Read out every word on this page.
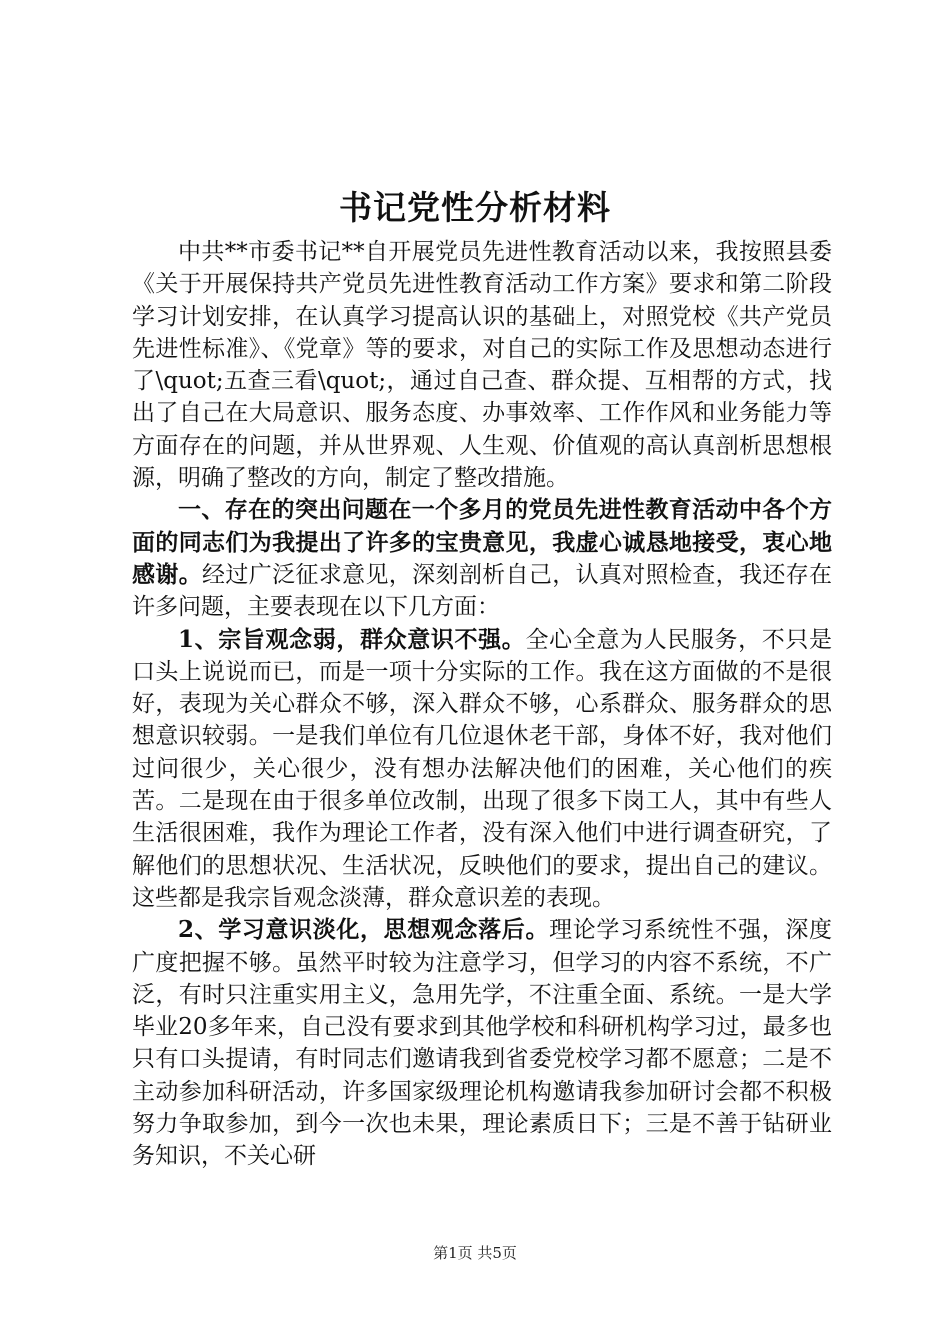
书记党性分析材料

中共**市委书记**自开展党员先进性教育活动以来，我按照县委《关于开展保持共产党员先进性教育活动工作方案》要求和第二阶段学习计划安排，在认真学习提高认识的基础上，对照党校《共产党员先进性标准》、《党章》等的要求，对自己的实际工作及思想动态进行了\quot;五查三看\quot;，通过自己查、群众提、互相帮的方式，找出了自己在大局意识、服务态度、办事效率、工作作风和业务能力等方面存在的问题，并从世界观、人生观、价值观的高认真剖析思想根源，明确了整改的方向，制定了整改措施。

一、存在的突出问题在一个多月的党员先进性教育活动中各个方面的同志们为我提出了许多的宝贵意见，我虚心诚恳地接受，衷心地感谢。经过广泛征求意见，深刻剖析自己，认真对照检查，我还存在许多问题，主要表现在以下几方面：

1、宗旨观念弱，群众意识不强。全心全意为人民服务，不只是口头上说说而已，而是一项十分实际的工作。我在这方面做的不是很好，表现为关心群众不够，深入群众不够，心系群众、服务群众的思想意识较弱。一是我们单位有几位退休老干部，身体不好，我对他们过问很少，关心很少，没有想办法解决他们的困难，关心他们的疾苦。二是现在由于很多单位改制，出现了很多下岗工人，其中有些人生活很困难，我作为理论工作者，没有深入他们中进行调查研究，了解他们的思想状况、生活状况，反映他们的要求，提出自己的建议。这些都是我宗旨观念淡薄，群众意识差的表现。

2、学习意识淡化，思想观念落后。理论学习系统性不强，深度广度把握不够。虽然平时较为注意学习，但学习的内容不系统，不广泛，有时只注重实用主义，急用先学，不注重全面、系统。一是大学毕业20多年来，自己没有要求到其他学校和科研机构学习过，最多也只有口头提请，有时同志们邀请我到省委党校学习都不愿意；二是不主动参加科研活动，许多国家级理论机构邀请我参加研讨会都不积极努力争取参加，到今一次也未果，理论素质日下；三是不善于钻研业务知识，不关心研

第1页 共5页
